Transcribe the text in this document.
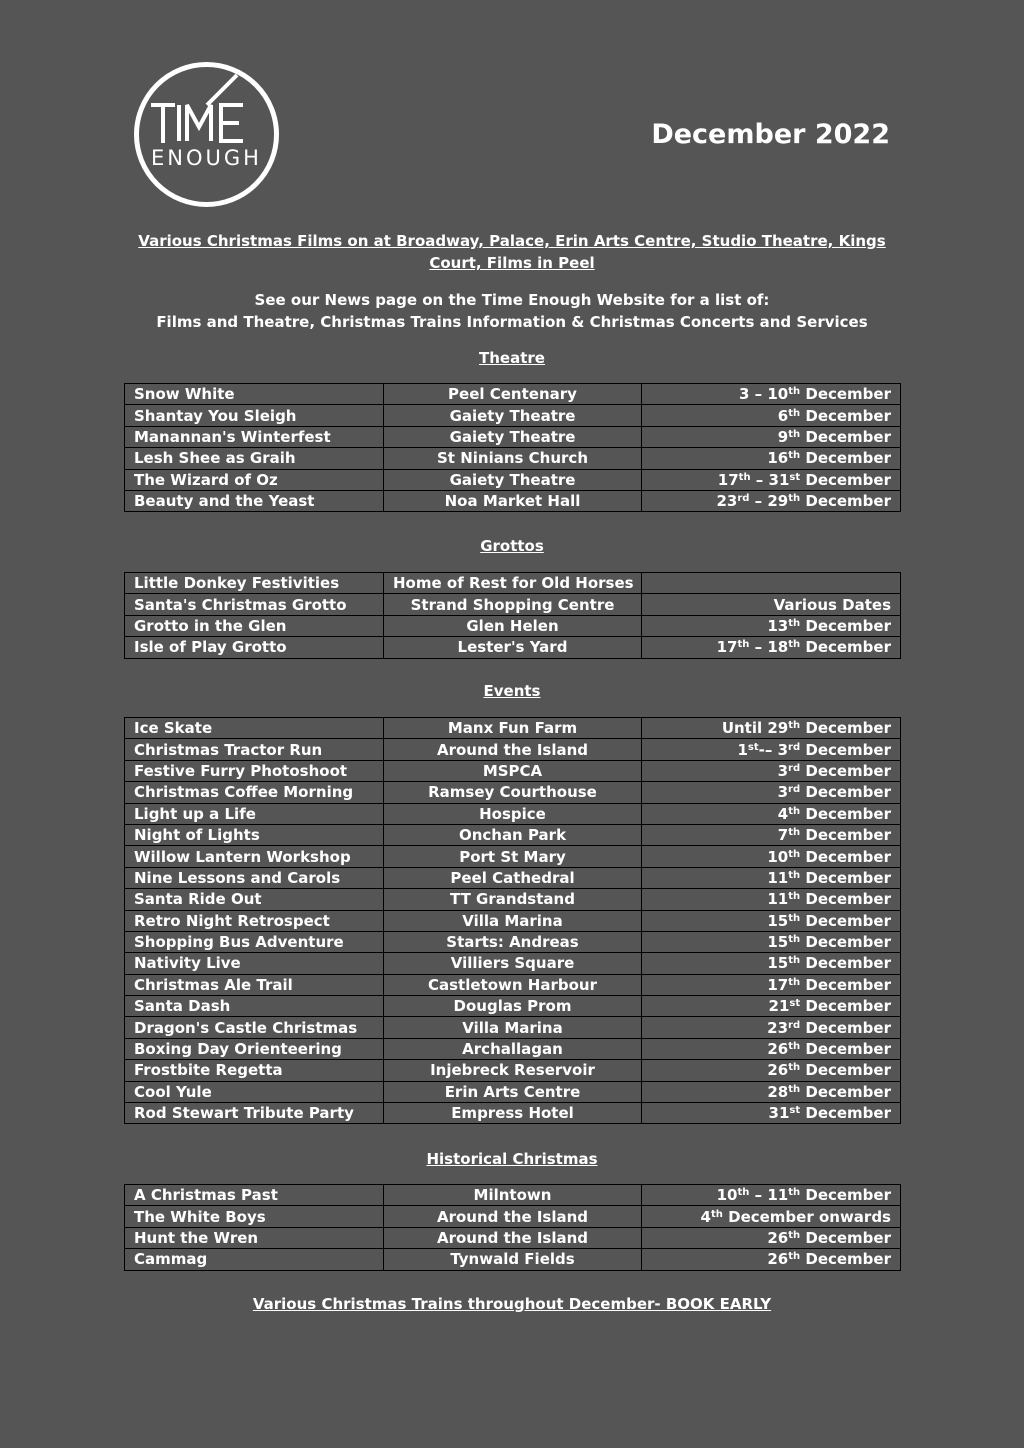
ENOUGH
December 2022

Various Christmas Films on at Broadway, Palace, Erin Arts Centre, Studio Theatre, Kings Court, Films in Peel

See our News page on the Time Enough Website for a list of:
Films and Theatre, Christmas Trains Information & Christmas Concerts and Services

Theatre
Snow White	Peel Centenary	3 – 10th December
Shantay You Sleigh	Gaiety Theatre	6th December
Manannan's Winterfest	Gaiety Theatre	9th December
Lesh Shee as Graih	St Ninians Church	16th December
The Wizard of Oz	Gaiety Theatre	17th – 31st December
Beauty and the Yeast	Noa Market Hall	23rd – 29th December
Grottos
Little Donkey Festivities	Home of Rest for Old Horses	
Santa's Christmas Grotto	Strand Shopping Centre	Various Dates
Grotto in the Glen	Glen Helen	13th December
Isle of Play Grotto	Lester's Yard	17th – 18th December
Events
Ice Skate	Manx Fun Farm	Until 29th December
Christmas Tractor Run	Around the Island	1st-– 3rd December
Festive Furry Photoshoot	MSPCA	3rd December
Christmas Coffee Morning	Ramsey Courthouse	3rd December
Light up a Life	Hospice	4th December
Night of Lights	Onchan Park	7th December
Willow Lantern Workshop	Port St Mary	10th December
Nine Lessons and Carols	Peel Cathedral	11th December
Santa Ride Out	TT Grandstand	11th December
Retro Night Retrospect	Villa Marina	15th December
Shopping Bus Adventure	Starts: Andreas	15th December
Nativity Live	Villiers Square	15th December
Christmas Ale Trail	Castletown Harbour	17th December
Santa Dash	Douglas Prom	21st December
Dragon's Castle Christmas	Villa Marina	23rd December
Boxing Day Orienteering	Archallagan	26th December
Frostbite Regetta	Injebreck Reservoir	26th December
Cool Yule	Erin Arts Centre	28th December
Rod Stewart Tribute Party	Empress Hotel	31st December
Historical Christmas
A Christmas Past	Milntown	10th – 11th December
The White Boys	Around the Island	4th December onwards
Hunt the Wren	Around the Island	26th December
Cammag	Tynwald Fields	26th December

Various Christmas Trains throughout December- BOOK EARLY
